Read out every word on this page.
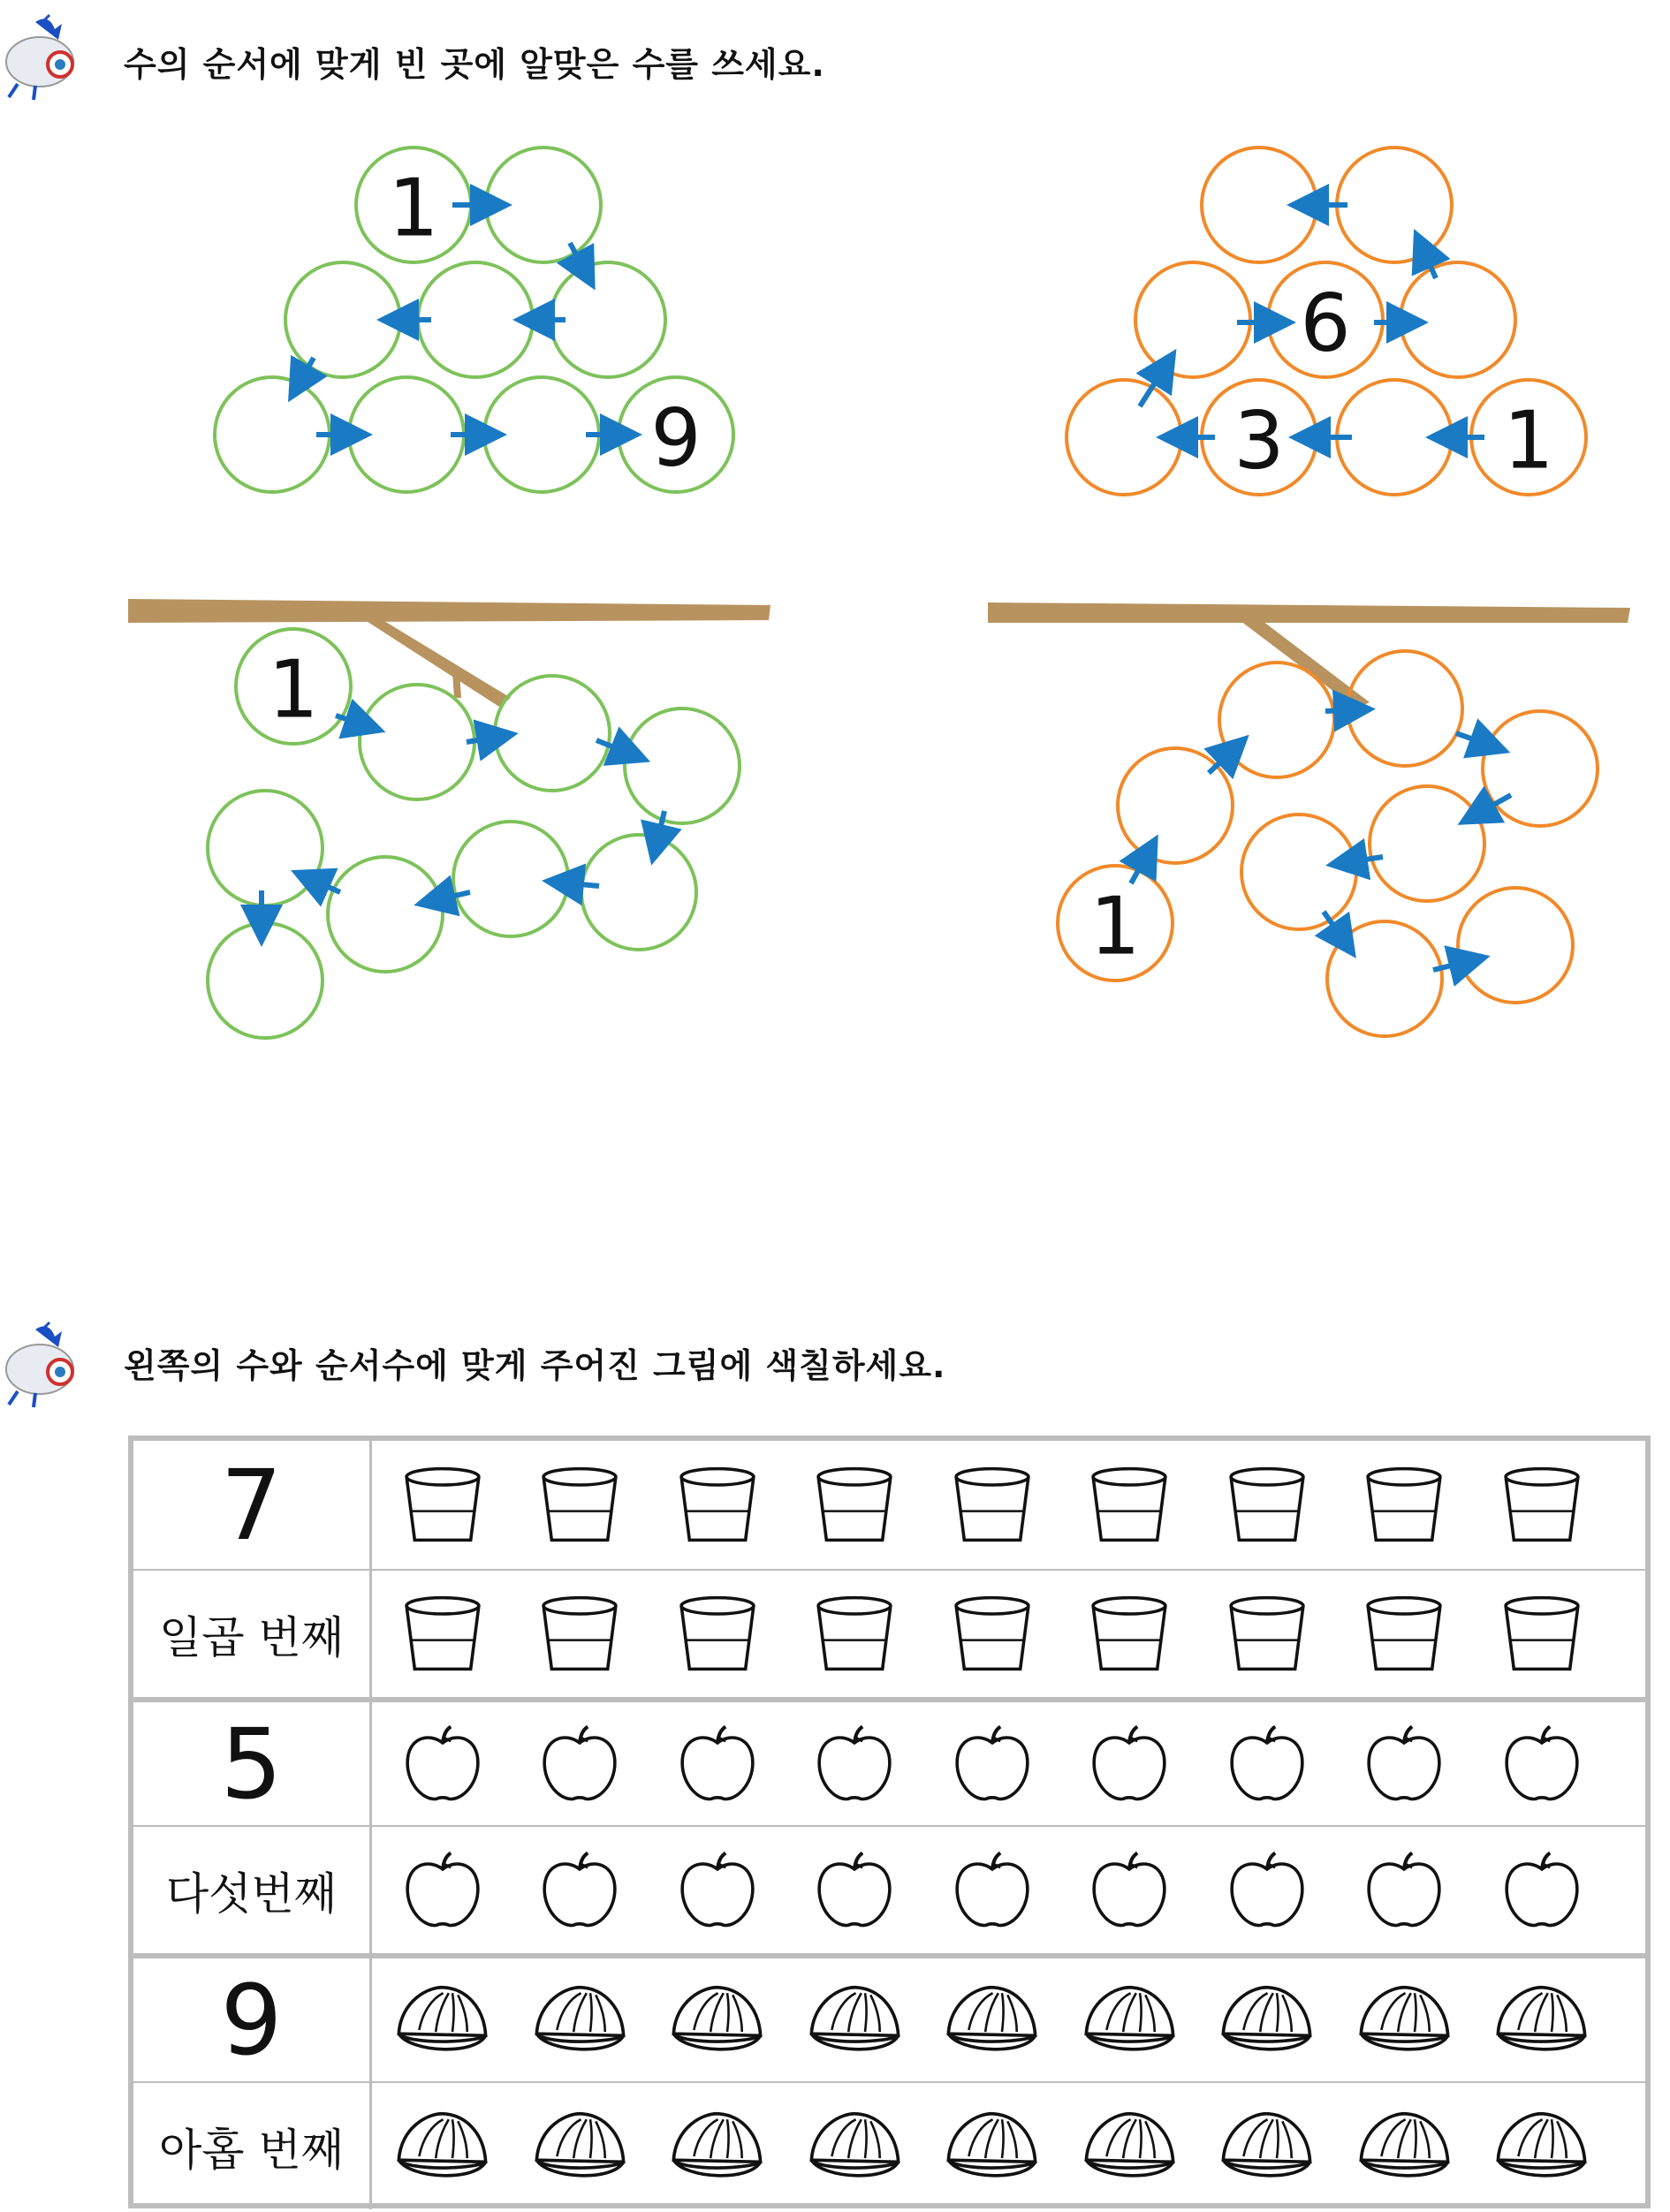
수의 순서에 맞게 빈 곳에 알맞은 수를 쓰세요.
왼쪽의 수와 순서수에 맞게 주어진 그림에 색칠하세요.
1
9
6
3	1
1
1
7
일곱 번째
5
다섯번째
9
아홉 번째
